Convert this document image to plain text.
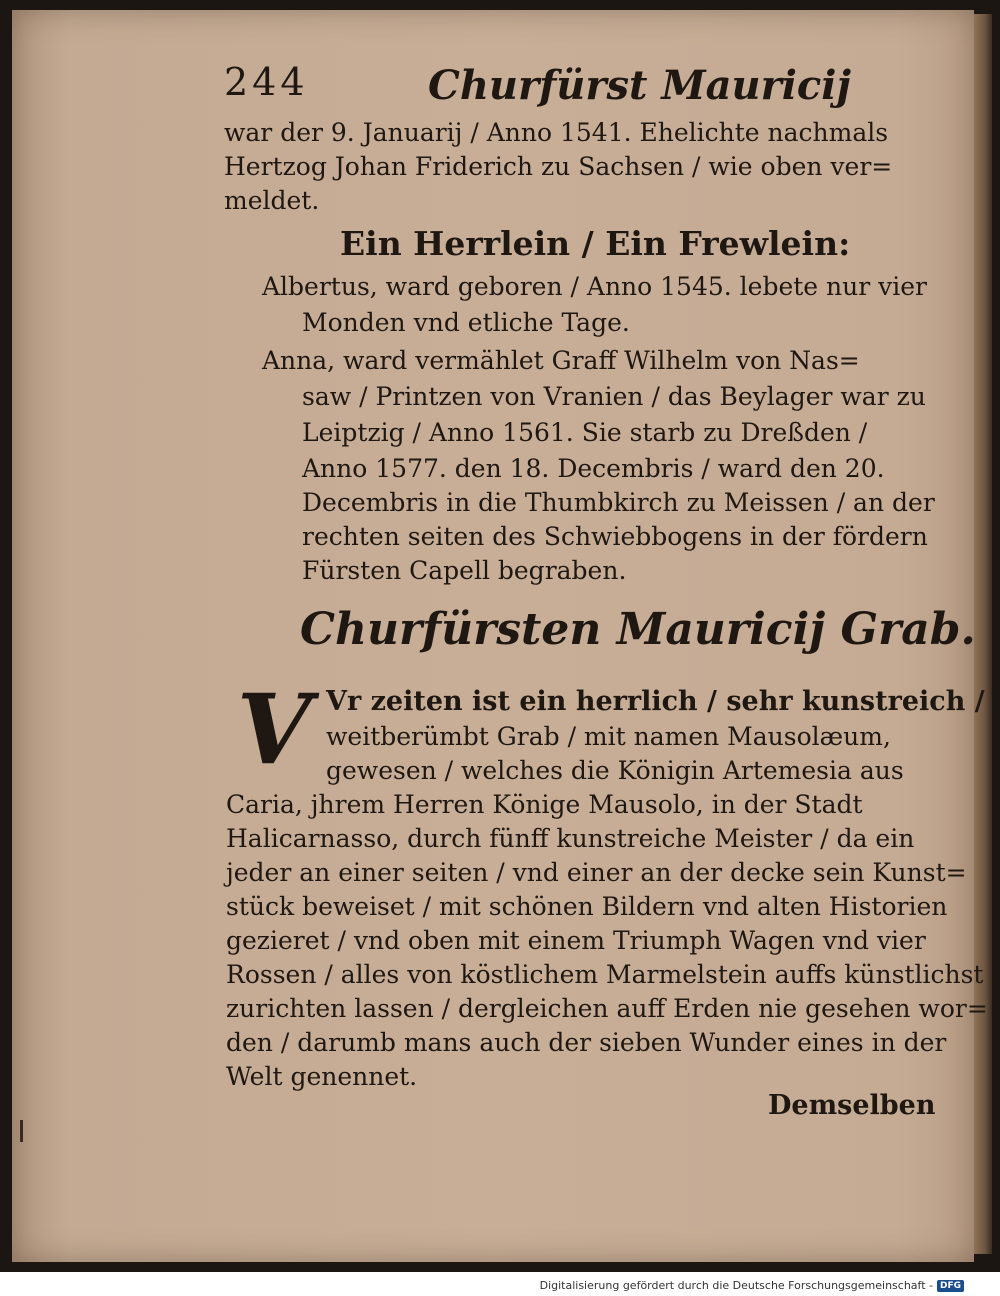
244	Churfürst Mauricij
war der 9. Januarij / Anno 1541. Ehelichte nachmals
Hertzog Johan Friderich zu Sachsen / wie oben ver=
meldet.
Ein Herrlein / Ein Frewlein:
Albertus, ward geboren / Anno 1545. lebete nur vier
Monden vnd etliche Tage.
Anna, ward vermählet Graff Wilhelm von Nas=
saw / Printzen von Vranien / das Beylager war zu
Leiptzig / Anno 1561. Sie starb zu Dreßden /
Anno 1577. den 18. Decembris / ward den 20.
Decembris in die Thumbkirch zu Meissen / an der
rechten seiten des Schwiebbogens in der fördern
Fürsten Capell begraben.
Churfürsten Mauricij Grab.
V Vr zeiten ist ein herrlich / sehr kunstreich /
weitberümbt Grab / mit namen Mausolæum,
gewesen / welches die Königin Artemesia aus
Caria, jhrem Herren Könige Mausolo, in der Stadt
Halicarnasso, durch fünff kunstreiche Meister / da ein
jeder an einer seiten / vnd einer an der decke sein Kunst=
stück beweiset / mit schönen Bildern vnd alten Historien
gezieret / vnd oben mit einem Triumph Wagen vnd vier
Rossen / alles von köstlichem Marmelstein auffs künstlichst
zurichten lassen / dergleichen auff Erden nie gesehen wor=
den / darumb mans auch der sieben Wunder eines in der
Welt genennet.
Demselben
Digitalisierung gefördert durch die Deutsche Forschungsgemeinschaft - DFG
